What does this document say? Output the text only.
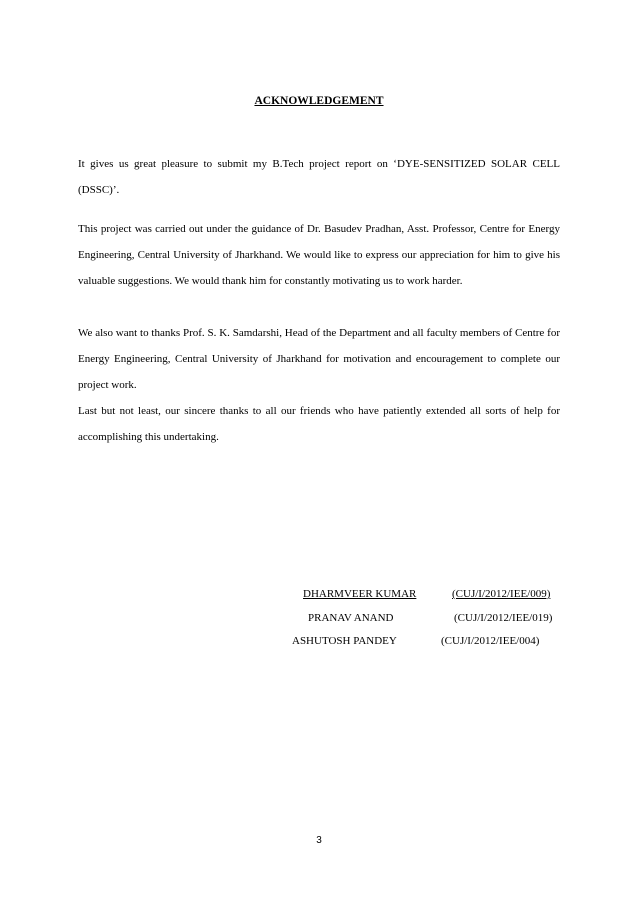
ACKNOWLEDGEMENT

It gives us great pleasure to submit my B.Tech project report on ‘DYE-SENSITIZED SOLAR CELL (DSSC)’.

This project was carried out under the guidance of Dr. Basudev Pradhan, Asst. Professor, Centre for Energy Engineering, Central University of Jharkhand. We would like to express our appreciation for him to give his valuable suggestions. We would thank him for constantly motivating us to work harder.

We also want to thanks Prof. S. K. Samdarshi, Head of the Department and all faculty members of Centre for Energy Engineering, Central University of Jharkhand for motivation and encouragement to complete our project work.

Last but not least, our sincere thanks to all our friends who have patiently extended all sorts of help for accomplishing this undertaking.

DHARMVEER KUMAR	(CUJ/I/2012/IEE/009)
PRANAV ANAND	(CUJ/I/2012/IEE/019)
ASHUTOSH PANDEY	(CUJ/I/2012/IEE/004)
3
